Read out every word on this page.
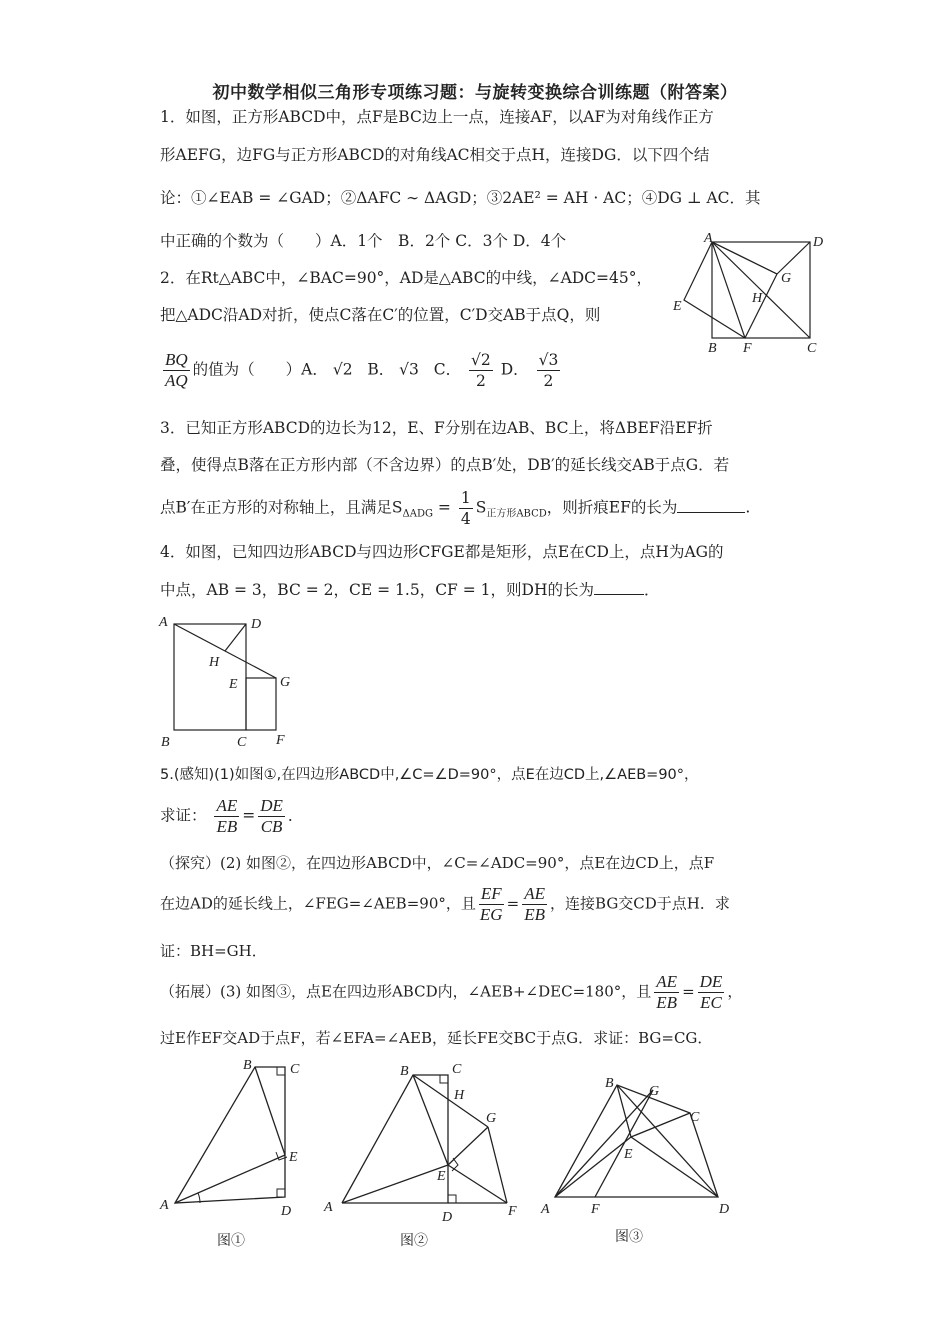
初中数学相似三角形专项练习题：与旋转变换综合训练题（附答案）
1．如图，正方形ABCD中，点F是BC边上一点，连接AF，以AF为对角线作正方
形AEFG，边FG与正方形ABCD的对角线AC相交于点H，连接DG．以下四个结
论：①∠EAB = ∠GAD；②ΔAFC ∼ ΔAGD；③2AE² = AH · AC；④DG ⊥ AC．其
中正确的个数为（　　）A．1个　B．2个 C．3个 D．4个	A	D
G
H
E
B F	C
2．在Rt△ABC中，∠BAC=90°，AD是△ABC的中线，∠ADC=45°，
把△ADC沿AD对折，使点C落在C′的位置，C′D交AB于点Q，则
$\frac{BQ}{AQ}$ 的值为（　　）A． √2 B． √3 C． $\frac{√2}{2}$ D． $\frac{√3}{2}$
3．已知正方形ABCD的边长为12，E、F分别在边AB、BC上，将ΔBEF沿EF折
叠，使得点B落在正方形内部（不含边界）的点B′处，DB′的延长线交AB于点G．若
点B′在正方形的对称轴上，且满足$S_{\Delta ADG} = \frac{1}{4} S_{正方形ABCD}$，则折痕EF的长为	.
4．如图，已知四边形ABCD与四边形CFGE都是矩形，点E在CD上，点H为AG的
中点，AB = 3，BC = 2，CE = 1.5，CF = 1，则DH的长为	．
A	D
H
E	G
B	C F
5.(感知)(1)如图①,在四边形ABCD中,∠C=∠D=90°，点E在边CD上,∠AEB=90°，
求证： $\frac{AE}{EB} = \frac{DE}{CB}$ ．
（探究）(2) 如图②，在四边形ABCD中，∠C=∠ADC=90°，点E在边CD上，点F
在边AD的延长线上，∠FEG=∠AEB=90°，且 $\frac{EF}{EG} = \frac{AE}{EB}$ ，连接BG交CD于点H．求
证：BH=GH．
（拓展）(3) 如图③，点E在四边形ABCD内，∠AEB+∠DEC=180°，且 $\frac{AE}{EB} = \frac{DE}{EC}$ ，
过E作EF交AD于点F，若∠EFA=∠AEB，延长FE交BC于点G．求证：BG=CG．
B	C
E
A	D
图①
B	C
H
G
E
A
D	F
图②
B
G
C
E
A	F	D
图③
